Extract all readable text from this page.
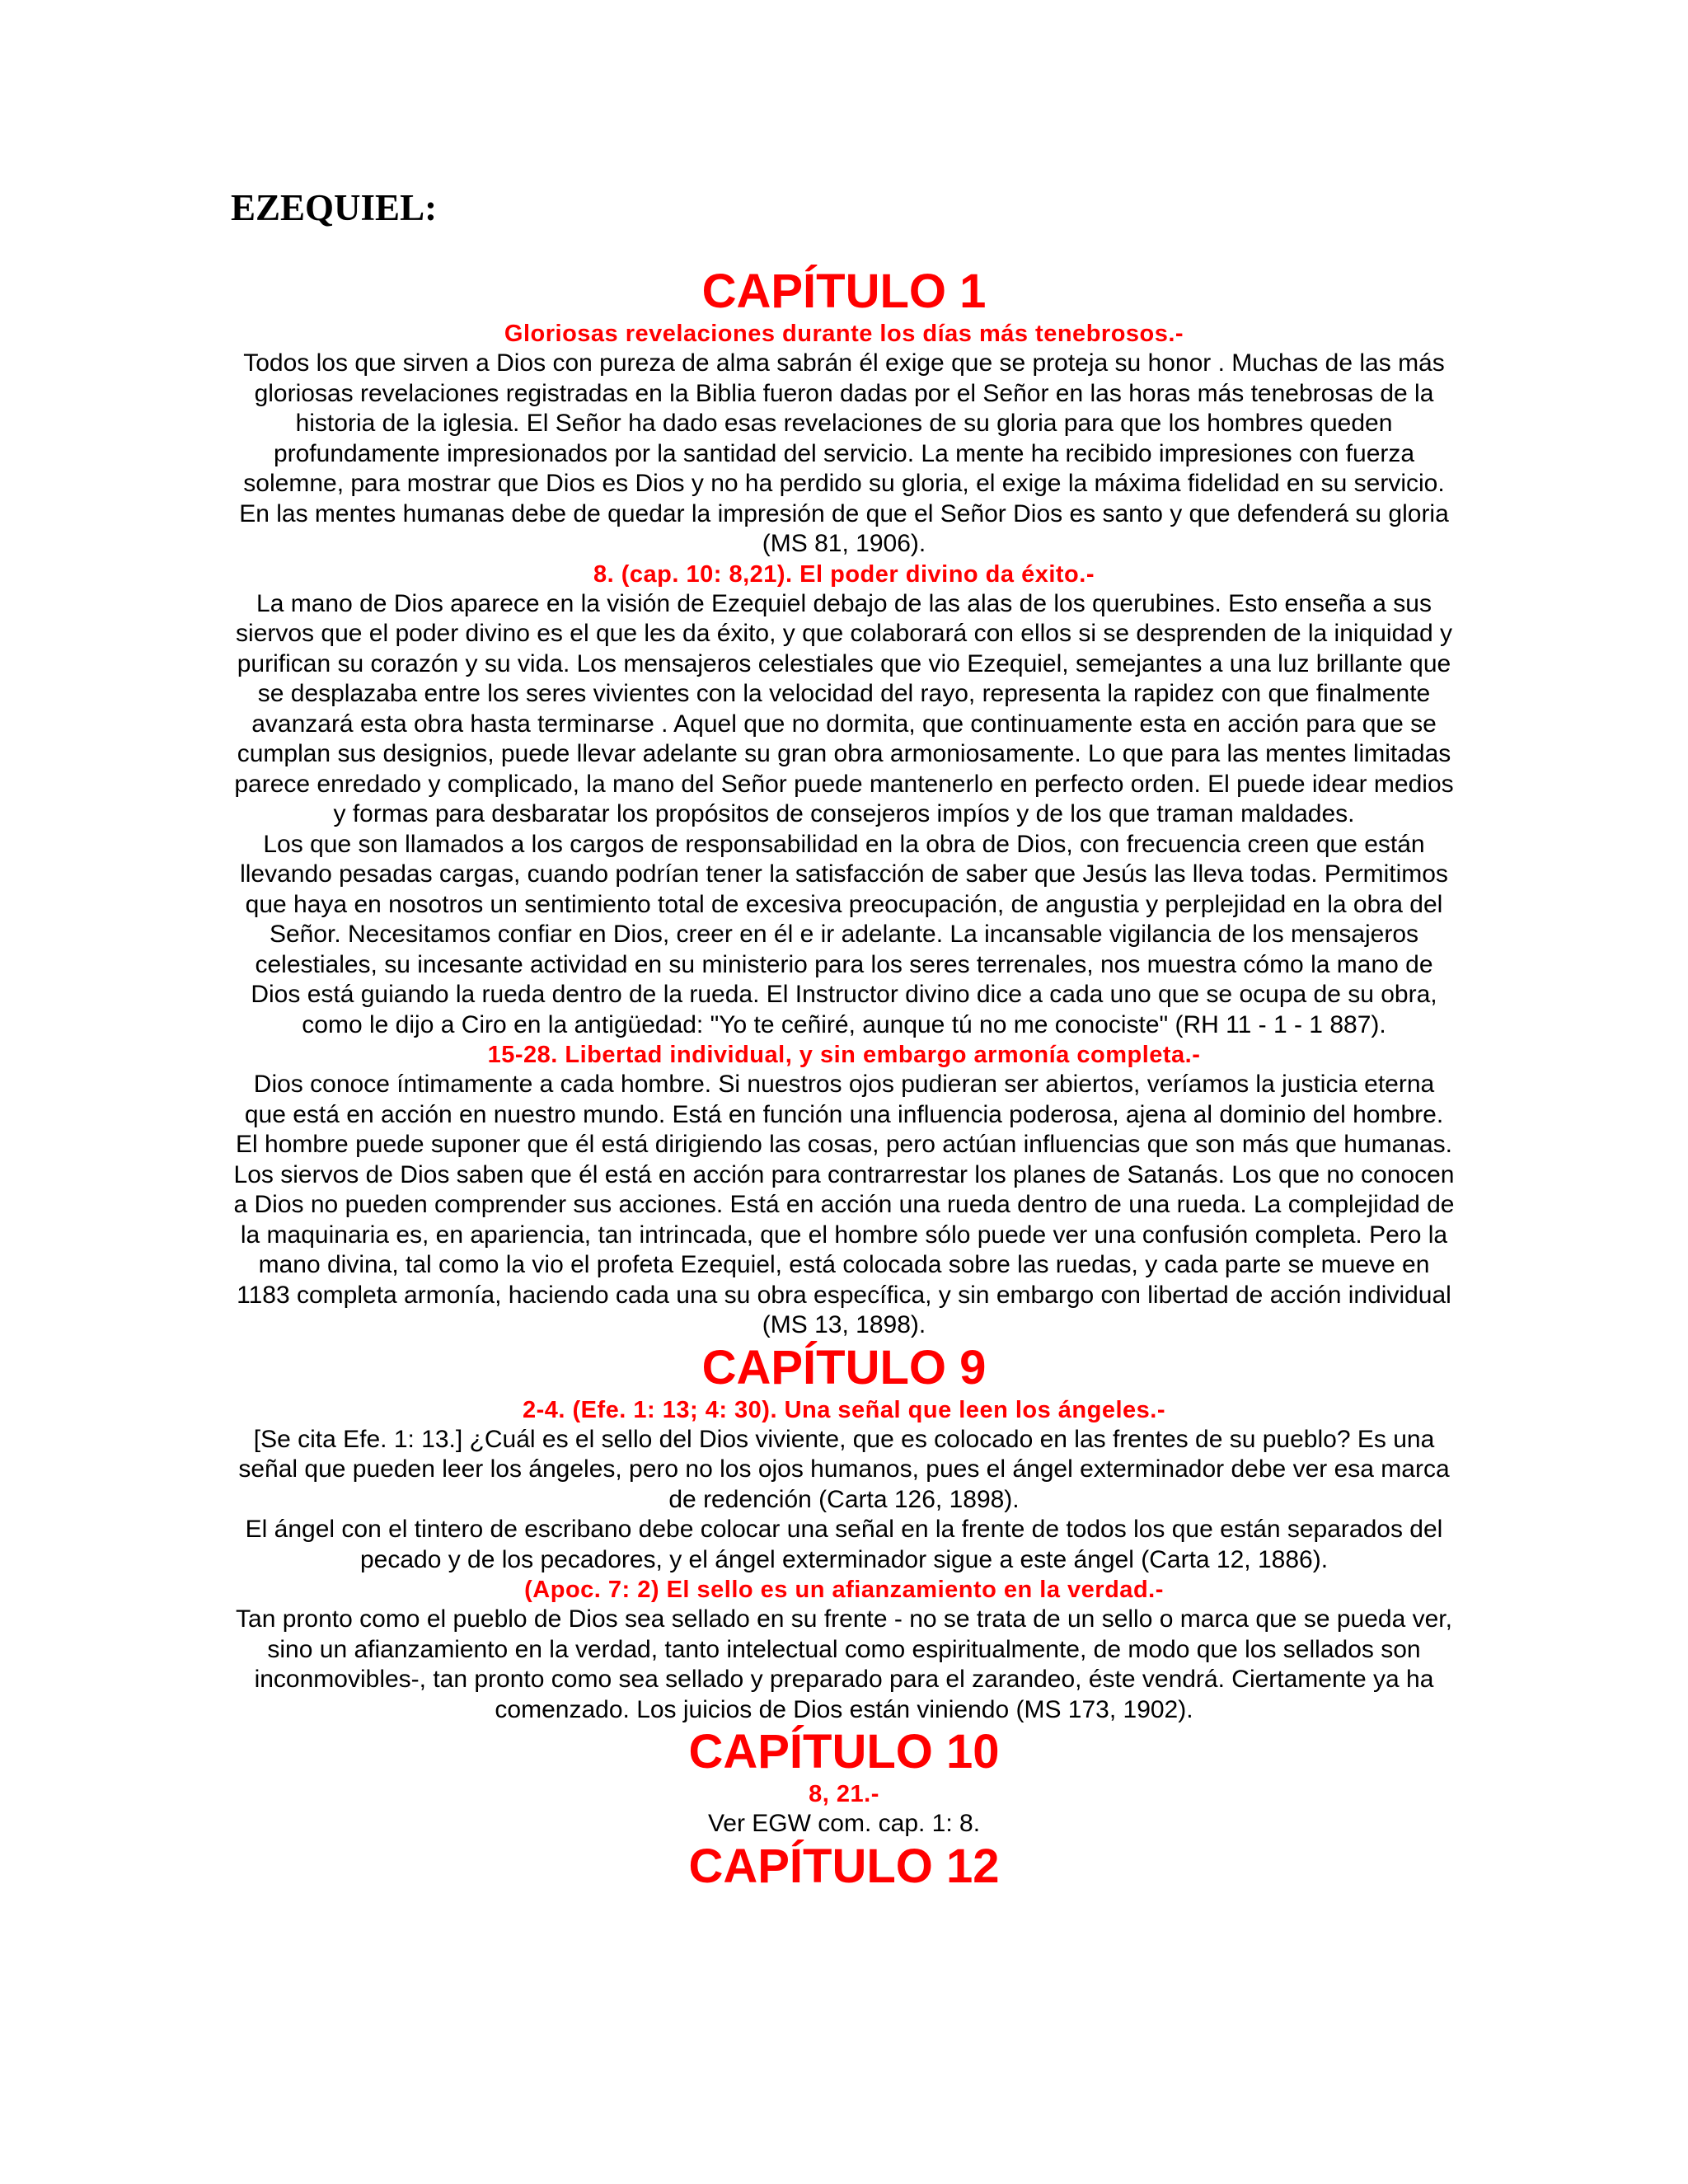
EZEQUIEL:
CAPÍTULO 1
Gloriosas revelaciones durante los días más tenebrosos.-

Todos los que sirven a Dios con pureza de alma sabrán él exige que se proteja su honor . Muchas de las más gloriosas revelaciones registradas en la Biblia fueron dadas por el Señor en las horas más tenebrosas de la historia de la iglesia. El Señor ha dado esas revelaciones de su gloria para que los hombres queden profundamente impresionados por la santidad del servicio. La mente ha recibido impresiones con fuerza solemne, para mostrar que Dios es Dios y no ha perdido su gloria, el exige la máxima fidelidad en su servicio. En las mentes humanas debe de quedar la impresión de que el Señor Dios es santo y que defenderá su gloria (MS 81, 1906).

8. (cap. 10: 8,21). El poder divino da éxito.-

La mano de Dios aparece en la visión de Ezequiel debajo de las alas de los querubines. Esto enseña a sus siervos que el poder divino es el que les da éxito, y que colaborará con ellos si se desprenden de la iniquidad y purifican su corazón y su vida. Los mensajeros celestiales que vio Ezequiel, semejantes a una luz brillante que se desplazaba entre los seres vivientes con la velocidad del rayo, representa la rapidez con que finalmente avanzará esta obra hasta terminarse . Aquel que no dormita, que continuamente esta en acción para que se cumplan sus designios, puede llevar adelante su gran obra armoniosamente. Lo que para las mentes limitadas parece enredado y complicado, la mano del Señor puede mantenerlo en perfecto orden. El puede idear medios y formas para desbaratar los propósitos de consejeros impíos y de los que traman maldades.

Los que son llamados a los cargos de responsabilidad en la obra de Dios, con frecuencia creen que están llevando pesadas cargas, cuando podrían tener la satisfacción de saber que Jesús las lleva todas. Permitimos que haya en nosotros un sentimiento total de excesiva preocupación, de angustia y perplejidad en la obra del Señor. Necesitamos confiar en Dios, creer en él e ir adelante. La incansable vigilancia de los mensajeros celestiales, su incesante actividad en su ministerio para los seres terrenales, nos muestra cómo la mano de Dios está guiando la rueda dentro de la rueda. El Instructor divino dice a cada uno que se ocupa de su obra, como le dijo a Ciro en la antigüedad: "Yo te ceñiré, aunque tú no me conociste" (RH 11 - 1 - 1 887).

15-28. Libertad individual, y sin embargo armonía completa.-

Dios conoce íntimamente a cada hombre. Si nuestros ojos pudieran ser abiertos, veríamos la justicia eterna que está en acción en nuestro mundo. Está en función una influencia poderosa, ajena al dominio del hombre. El hombre puede suponer que él está dirigiendo las cosas, pero actúan influencias que son más que humanas. Los siervos de Dios saben que él está en acción para contrarrestar los planes de Satanás. Los que no conocen a Dios no pueden comprender sus acciones. Está en acción una rueda dentro de una rueda. La complejidad de la maquinaria es, en apariencia, tan intrincada, que el hombre sólo puede ver una confusión completa. Pero la mano divina, tal como la vio el profeta Ezequiel, está colocada sobre las ruedas, y cada parte se mueve en 1183 completa armonía, haciendo cada una su obra específica, y sin embargo con libertad de acción individual (MS 13, 1898).

CAPÍTULO 9
2-4. (Efe. 1: 13; 4: 30). Una señal que leen los ángeles.-

[Se cita Efe. 1: 13.] ¿Cuál es el sello del Dios viviente, que es colocado en las frentes de su pueblo? Es una señal que pueden leer los ángeles, pero no los ojos humanos, pues el ángel exterminador debe ver esa marca de redención (Carta 126, 1898).

El ángel con el tintero de escribano debe colocar una señal en la frente de todos los que están separados del pecado y de los pecadores, y el ángel exterminador sigue a este ángel (Carta 12, 1886).

(Apoc. 7: 2) El sello es un afianzamiento en la verdad.-

Tan pronto como el pueblo de Dios sea sellado en su frente - no se trata de un sello o marca que se pueda ver, sino un afianzamiento en la verdad, tanto intelectual como espiritualmente, de modo que los sellados son inconmovibles-, tan pronto como sea sellado y preparado para el zarandeo, éste vendrá. Ciertamente ya ha comenzado. Los juicios de Dios están viniendo (MS 173, 1902).

CAPÍTULO 10
8, 21.-

Ver EGW com. cap. 1: 8.

CAPÍTULO 12
